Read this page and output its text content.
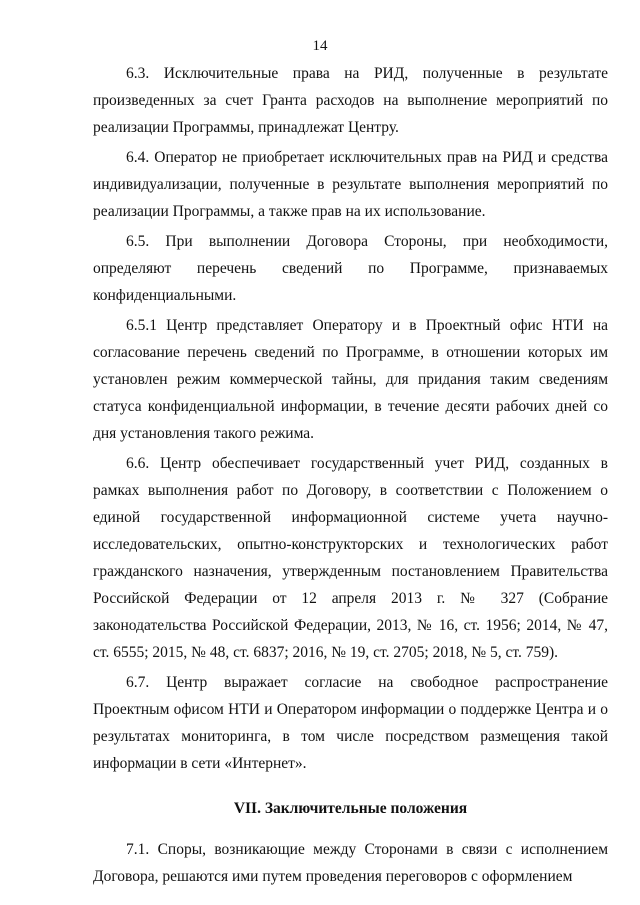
14

6.3. Исключительные права на РИД, полученные в результате произведенных за счет Гранта расходов на выполнение мероприятий по реализации Программы, принадлежат Центру.

6.4. Оператор не приобретает исключительных прав на РИД и средства индивидуализации, полученные в результате выполнения мероприятий по реализации Программы, а также прав на их использование.

6.5. При выполнении Договора Стороны, при необходимости, определяют перечень сведений по Программе, признаваемых конфиденциальными.

6.5.1 Центр представляет Оператору и в Проектный офис НТИ на согласование перечень сведений по Программе, в отношении которых им установлен режим коммерческой тайны, для придания таким сведениям статуса конфиденциальной информации, в течение десяти рабочих дней со дня установления такого режима.

6.6. Центр обеспечивает государственный учет РИД, созданных в рамках выполнения работ по Договору, в соответствии с Положением о единой государственной информационной системе учета научно-исследовательских, опытно-конструкторских и технологических работ гражданского назначения, утвержденным постановлением Правительства Российской Федерации от 12 апреля 2013 г. № 327 (Собрание законодательства Российской Федерации, 2013, № 16, ст. 1956; 2014, № 47, ст. 6555; 2015, № 48, ст. 6837; 2016, № 19, ст. 2705; 2018, № 5, ст. 759).

6.7. Центр выражает согласие на свободное распространение Проектным офисом НТИ и Оператором информации о поддержке Центра и о результатах мониторинга, в том числе посредством размещения такой информации в сети «Интернет».

VII. Заключительные положения

7.1. Споры, возникающие между Сторонами в связи с исполнением Договора, решаются ими путем проведения переговоров с оформлением
